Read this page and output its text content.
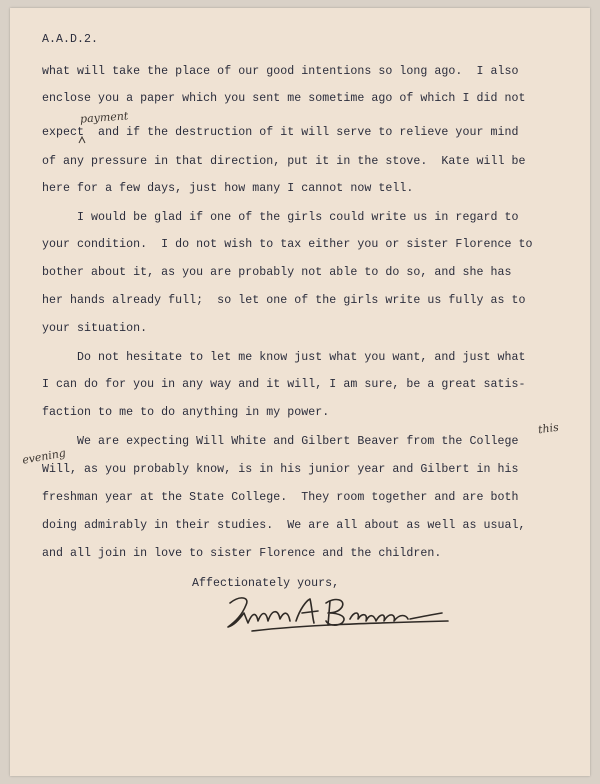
A.A.D.2.
what will take the place of our good intentions so long ago.  I also
enclose you a paper which you sent me sometime ago of which I did not
expect  and if the destruction of it will serve to relieve your mind
payment
of any pressure in that direction, put it in the stove.  Kate will be
here for a few days, just how many I cannot now tell.
I would be glad if one of the girls could write us in regard to
your condition.  I do not wish to tax either you or sister Florence to
bother about it, as you are probably not able to do so, and she has
her hands already full;  so let one of the girls write us fully as to
your situation.
Do not hesitate to let me know just what you want, and just what
I can do for you in any way and it will, I am sure, be a great satis-
faction to me to do anything in my power.
We are expecting Will White and Gilbert Beaver from the College
this
evening
Will, as you probably know, is in his junior year and Gilbert in his
freshman year at the State College.  They room together and are both
doing admirably in their studies.  We are all about as well as usual,
and all join in love to sister Florence and the children.
Affectionately yours,
